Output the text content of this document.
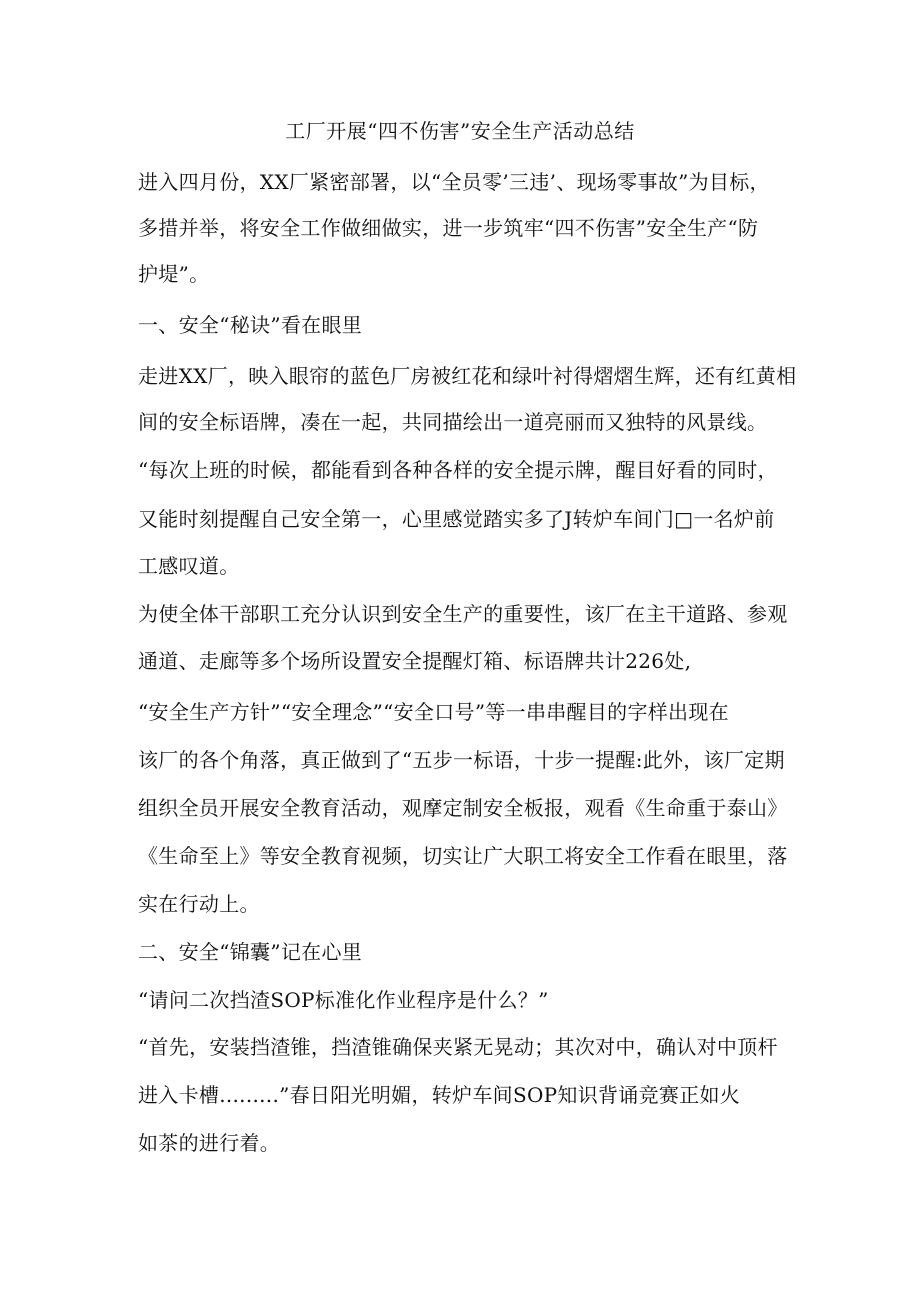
工厂开展“四不伤害”安全生产活动总结
进入四月份，XX厂紧密部署，以“全员零’三违’、现场零事故”为目标，
多措并举，将安全工作做细做实，进一步筑牢“四不伤害”安全生产“防
护堤”。
一、安全“秘诀”看在眼里
走进XX厂，映入眼帘的蓝色厂房被红花和绿叶衬得熠熠生辉，还有红黄相
间的安全标语牌，凑在一起，共同描绘出一道亮丽而又独特的风景线。
“每次上班的时候，都能看到各种各样的安全提示牌，醒目好看的同时，
又能时刻提醒自己安全第一，心里感觉踏实多了J转炉车间门□一名炉前
工感叹道。
为使全体干部职工充分认识到安全生产的重要性，该厂在主干道路、参观
通道、走廊等多个场所设置安全提醒灯箱、标语牌共计226处,
“安全生产方针”“安全理念”“安全口号”等一串串醒目的字样出现在
该厂的各个角落，真正做到了“五步一标语，十步一提醒:此外，该厂定期
组织全员开展安全教育活动，观摩定制安全板报，观看《生命重于泰山》
《生命至上》等安全教育视频，切实让广大职工将安全工作看在眼里，落
实在行动上。
二、安全“锦囊”记在心里
“请问二次挡渣SOP标准化作业程序是什么？”
“首先，安装挡渣锥，挡渣锥确保夹紧无晃动；其次对中，确认对中顶杆
进入卡槽.........”春日阳光明媚，转炉车间SOP知识背诵竞赛正如火
如茶的进行着。
